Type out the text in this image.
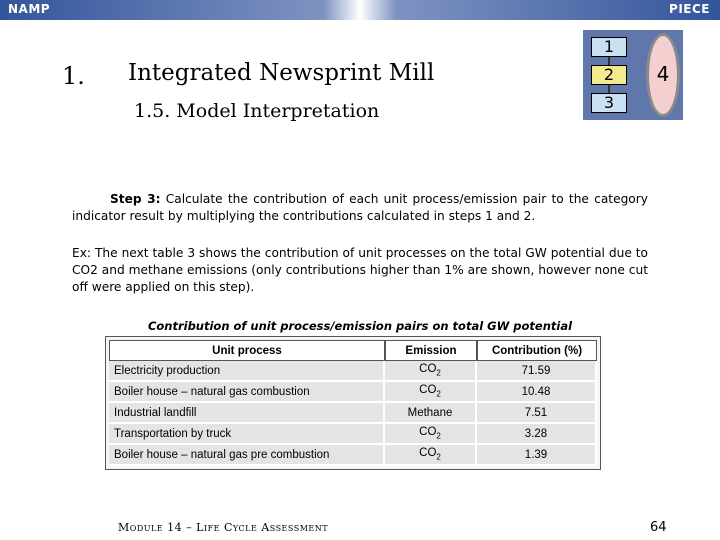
NAMP	PIECE
1. Integrated Newsprint Mill
1.5. Model Interpretation
1
2
3
4
Step 3: Calculate the contribution of each unit process/emission pair to the category indicator result by multiplying the contributions calculated in steps 1 and 2.
Ex: The next table 3 shows the contribution of unit processes on the total GW potential due to CO2 and methane emissions (only contributions higher than 1% are shown, however none cut off were applied on this step).
Contribution of unit process/emission pairs on total GW potential
Unit process	Emission	Contribution (%)
Electricity production	$CO_2$	71.59
Boiler house – natural gas combustion	$CO_2$	10.48
Industrial landfill	Methane	7.51
Transportation by truck	$CO_2$	3.28
Boiler house – natural gas pre combustion	$CO_2$	1.39
Module 14 – Life Cycle Assessment	64
